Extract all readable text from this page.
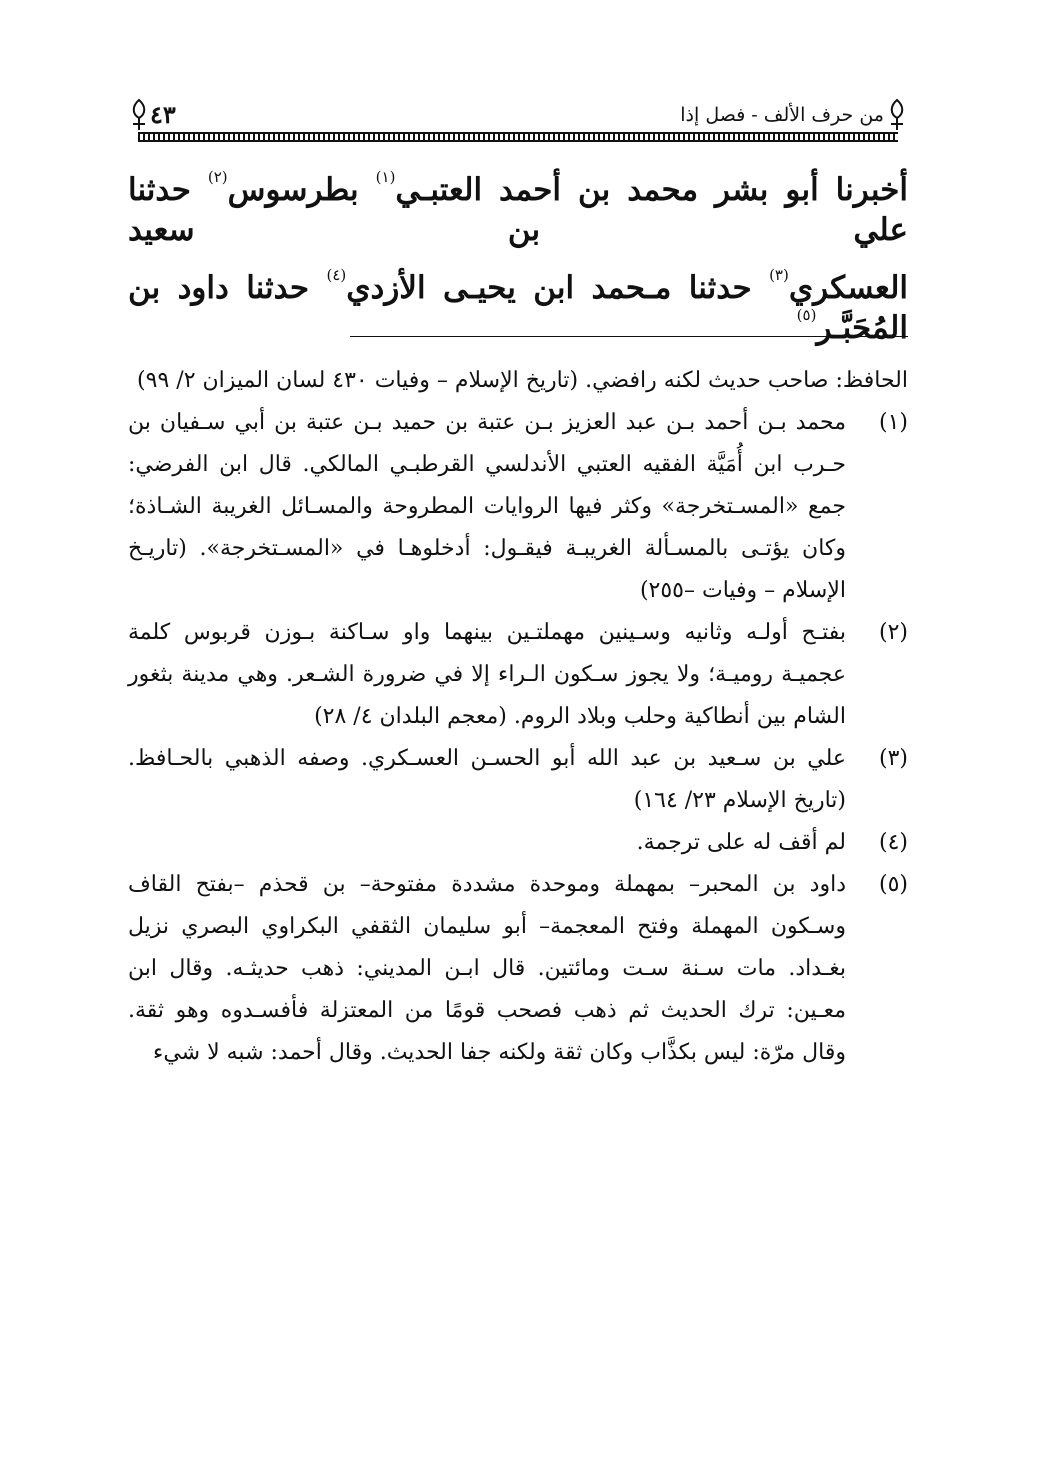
من حرف الألف - فصل إذا
٤٣
أخبرنا أبو بشر محمد بن أحمد العتبـي$^{(١)}$ بطرسوس$^{(٢)}$ حدثنا علي بن سعيد
العسكري$^{(٣)}$ حدثنا مـحمد ابن يحيـى الأزدي$^{(٤)}$ حدثنا داود بن المُحَبَّـر$^{(٥)}$

الحافظ: صاحب حديث لكنه رافضي. (تاريخ الإسلام – وفيات ٤٣٠ لسان الميزان ٢/ ٩٩)

(١)
محمد بـن أحمد بـن عبد العزيز بـن عتبة بن حميد بـن عتبة بن أبي سـفيان بن حـرب ابن أُمَيَّة الفقيه العتبي الأندلسي القرطبـي المالكي. قال ابن الفرضي: جمع «المسـتخرجة» وكثر فيها الروايات المطروحة والمسـائل الغريبة الشـاذة؛ وكان يؤتـى بالمسـألة الغريبـة فيقـول: أدخلوهـا في «المسـتخرجة». (تاريـخ الإسلام – وفيات –٢٥٥)
(٢)
بفتـح أولـه وثانيه وسـينين مهملتـين بينهما واو سـاكنة بـوزن قربوس كلمة عجميـة روميـة؛ ولا يجوز سـكون الـراء إلا في ضرورة الشـعر. وهي مدينة بثغور الشام بين أنطاكية وحلب وبلاد الروم. (معجم البلدان ٤/ ٢٨)
(٣)
علي بن سـعيد بن عبد الله أبو الحسـن العسـكري. وصفه الذهبي بالحـافظ. (تاريخ الإسلام ٢٣/ ١٦٤)
(٤)
لم أقف له على ترجمة.
(٥)
داود بن المحبر– بمهملة وموحدة مشددة مفتوحة– بن قحذم –بفتح القاف وسـكون المهملة وفتح المعجمة– أبو سليمان الثقفي البكراوي البصري نزيل بغـداد. مات سـنة سـت ومائتين. قال ابـن المديني: ذهب حديثـه. وقال ابن معـين: ترك الحديث ثم ذهب فصحب قومًا من المعتزلة فأفسـدوه وهو ثقة. وقال مرّة: ليس بكذَّاب وكان ثقة ولكنه جفا الحديث. وقال أحمد: شبه لا شيء
